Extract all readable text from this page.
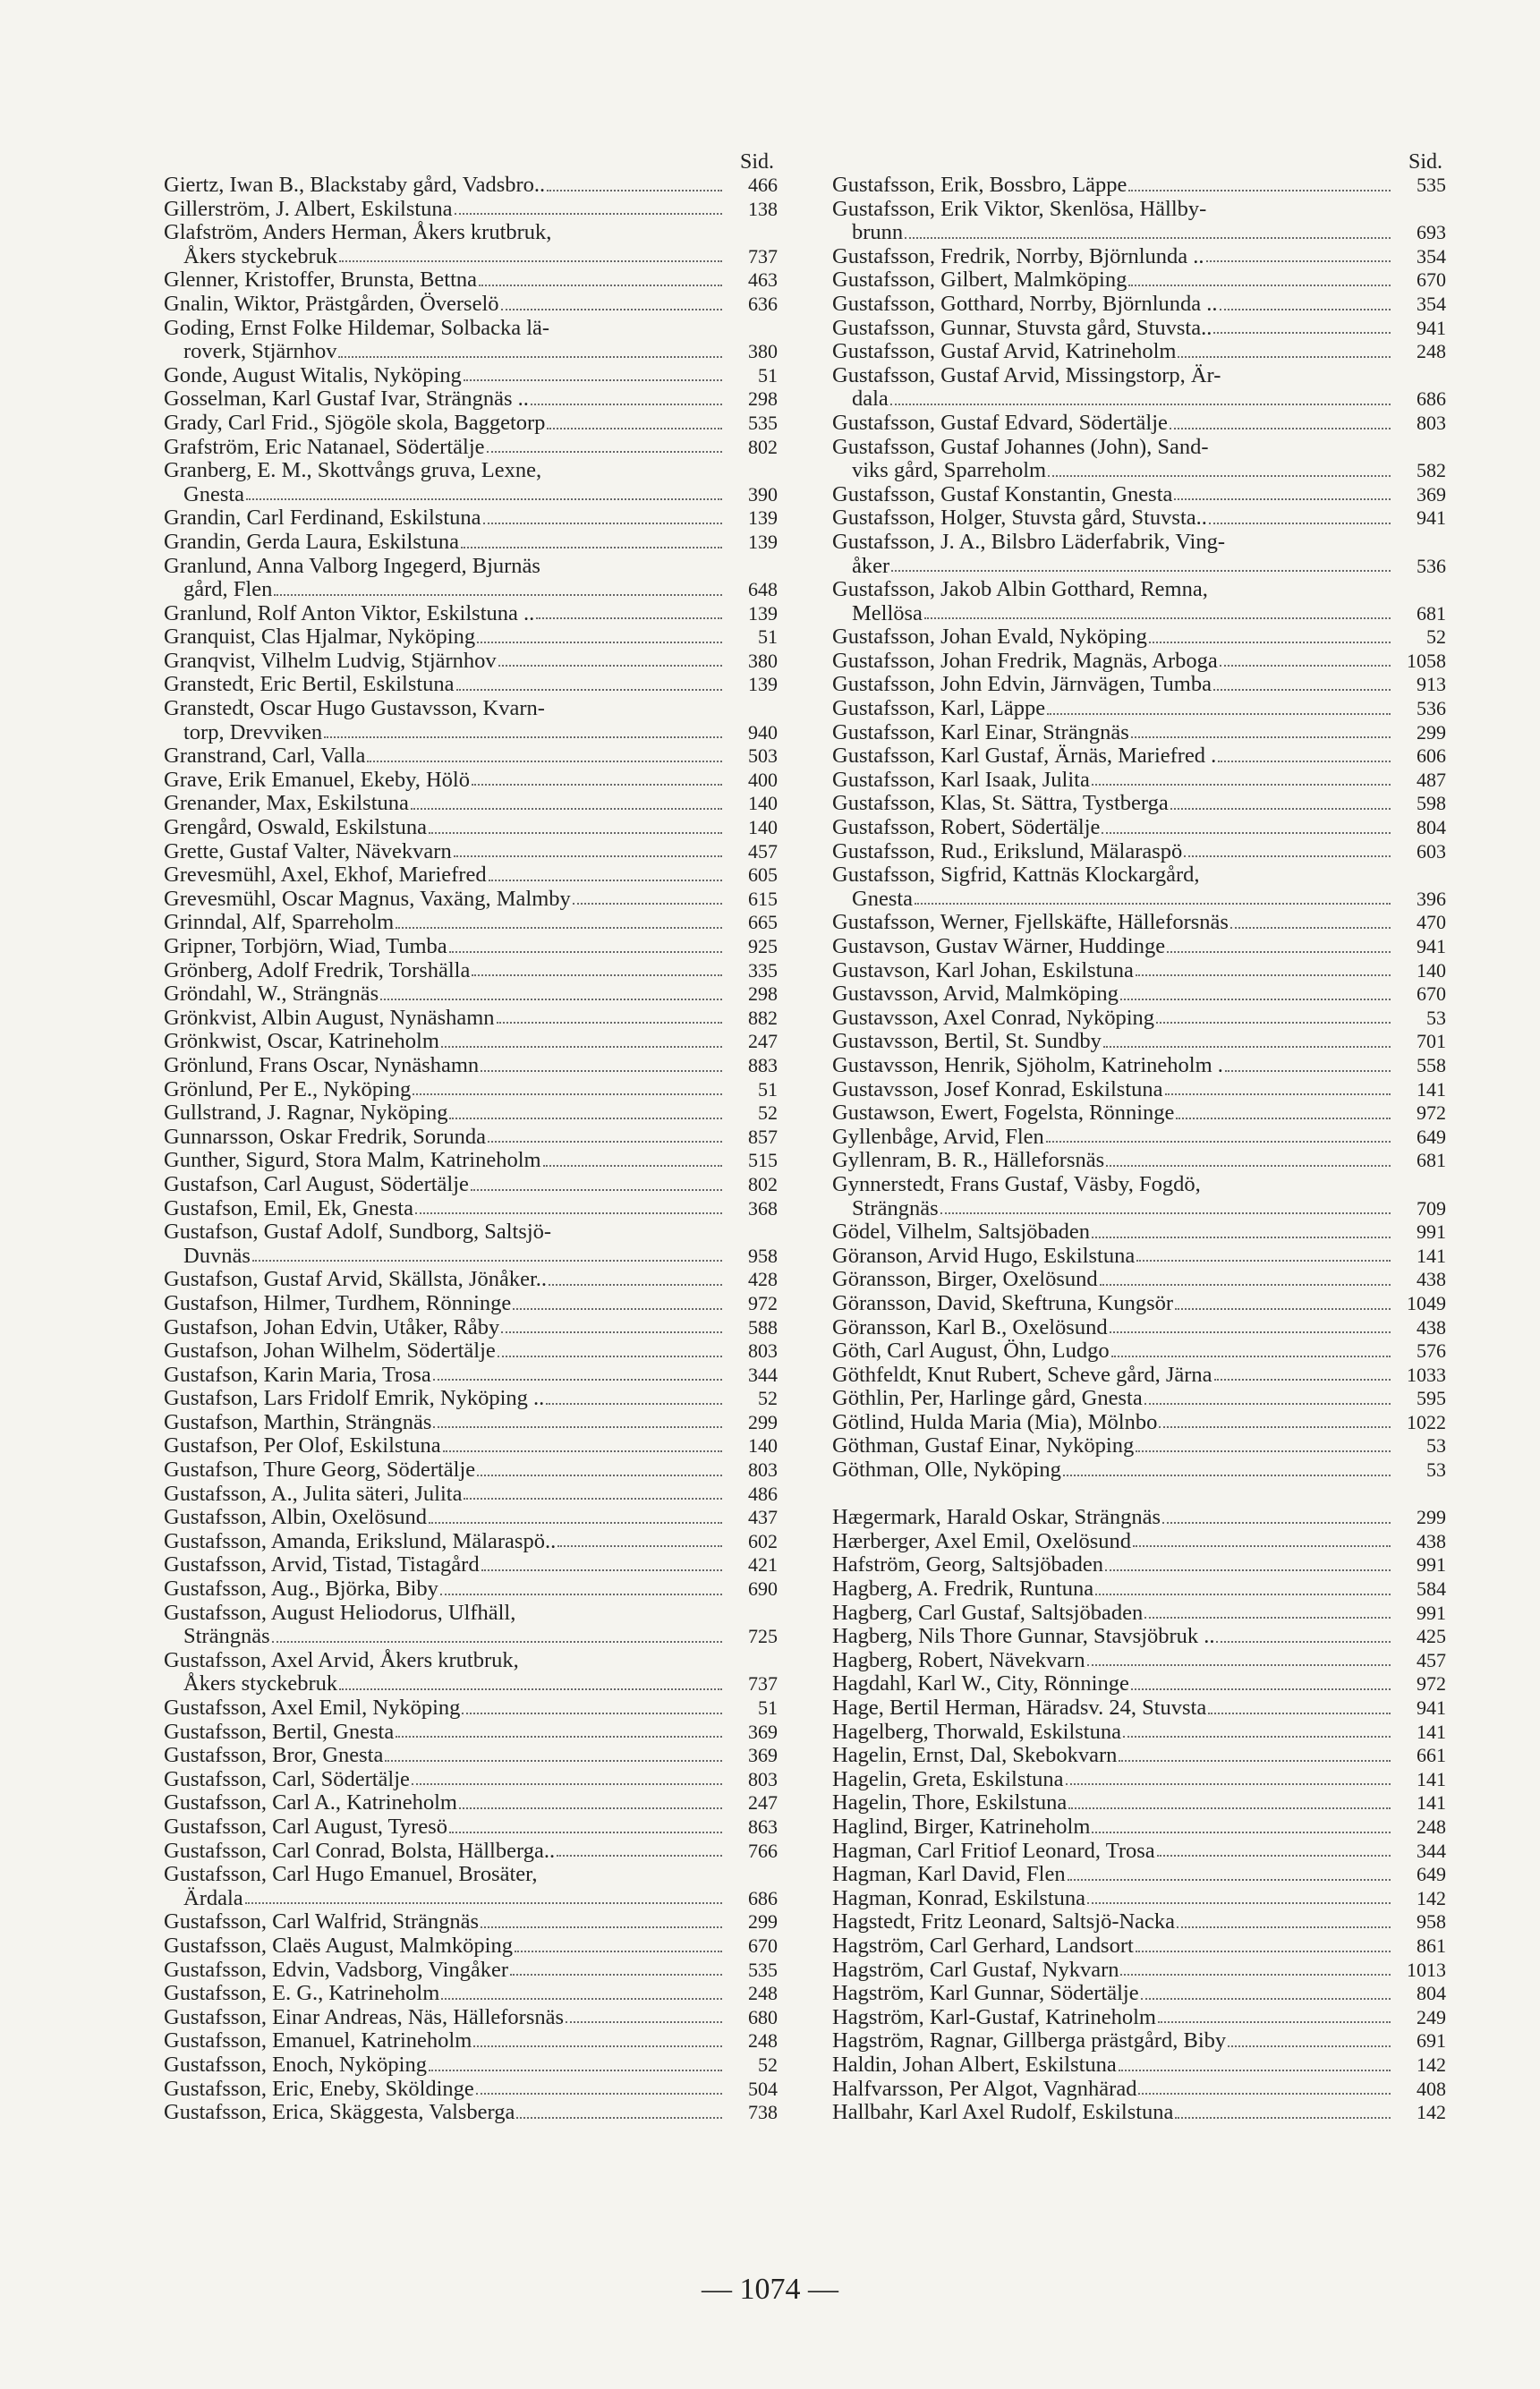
Sid.
Giertz, Iwan B., Blackstaby gård, Vadsbro..	466
Gillerström, J. Albert, Eskilstuna	138
Glafström, Anders Herman, Åkers krutbruk,
Åkers styckebruk	737
Glenner, Kristoffer, Brunsta, Bettna	463
Gnalin, Wiktor, Prästgården, Överselö	636
Goding, Ernst Folke Hildemar, Solbacka lä-
roverk, Stjärnhov	380
Gonde, August Witalis, Nyköping	51
Gosselman, Karl Gustaf Ivar, Strängnäs ..	298
Grady, Carl Frid., Sjögöle skola, Baggetorp	535
Grafström, Eric Natanael, Södertälje	802
Granberg, E. M., Skottvångs gruva, Lexne,
Gnesta	390
Grandin, Carl Ferdinand, Eskilstuna	139
Grandin, Gerda Laura, Eskilstuna	139
Granlund, Anna Valborg Ingegerd, Bjurnäs
gård, Flen	648
Granlund, Rolf Anton Viktor, Eskilstuna ..	139
Granquist, Clas Hjalmar, Nyköping	51
Granqvist, Vilhelm Ludvig, Stjärnhov	380
Granstedt, Eric Bertil, Eskilstuna	139
Granstedt, Oscar Hugo Gustavsson, Kvarn-
torp, Drevviken	940
Granstrand, Carl, Valla	503
Grave, Erik Emanuel, Ekeby, Hölö	400
Grenander, Max, Eskilstuna	140
Grengård, Oswald, Eskilstuna	140
Grette, Gustaf Valter, Nävekvarn	457
Grevesmühl, Axel, Ekhof, Mariefred	605
Grevesmühl, Oscar Magnus, Vaxäng, Malmby	615
Grinndal, Alf, Sparreholm	665
Gripner, Torbjörn, Wiad, Tumba	925
Grönberg, Adolf Fredrik, Torshälla	335
Gröndahl, W., Strängnäs	298
Grönkvist, Albin August, Nynäshamn	882
Grönkwist, Oscar, Katrineholm	247
Grönlund, Frans Oscar, Nynäshamn	883
Grönlund, Per E., Nyköping	51
Gullstrand, J. Ragnar, Nyköping	52
Gunnarsson, Oskar Fredrik, Sorunda	857
Gunther, Sigurd, Stora Malm, Katrineholm	515
Gustafson, Carl August, Södertälje	802
Gustafson, Emil, Ek, Gnesta	368
Gustafson, Gustaf Adolf, Sundborg, Saltsjö-
Duvnäs	958
Gustafson, Gustaf Arvid, Skällsta, Jönåker..	428
Gustafson, Hilmer, Turdhem, Rönninge	972
Gustafson, Johan Edvin, Utåker, Råby	588
Gustafson, Johan Wilhelm, Södertälje	803
Gustafson, Karin Maria, Trosa	344
Gustafson, Lars Fridolf Emrik, Nyköping ..	52
Gustafson, Marthin, Strängnäs	299
Gustafson, Per Olof, Eskilstuna	140
Gustafson, Thure Georg, Södertälje	803
Gustafsson, A., Julita säteri, Julita	486
Gustafsson, Albin, Oxelösund	437
Gustafsson, Amanda, Erikslund, Mälaraspö..	602
Gustafsson, Arvid, Tistad, Tistagård	421
Gustafsson, Aug., Björka, Biby	690
Gustafsson, August Heliodorus, Ulfhäll,
Strängnäs	725
Gustafsson, Axel Arvid, Åkers krutbruk,
Åkers styckebruk	737
Gustafsson, Axel Emil, Nyköping	51
Gustafsson, Bertil, Gnesta	369
Gustafsson, Bror, Gnesta	369
Gustafsson, Carl, Södertälje	803
Gustafsson, Carl A., Katrineholm	247
Gustafsson, Carl August, Tyresö	863
Gustafsson, Carl Conrad, Bolsta, Hällberga..	766
Gustafsson, Carl Hugo Emanuel, Brosäter,
Ärdala	686
Gustafsson, Carl Walfrid, Strängnäs	299
Gustafsson, Claës August, Malmköping	670
Gustafsson, Edvin, Vadsborg, Vingåker	535
Gustafsson, E. G., Katrineholm	248
Gustafsson, Einar Andreas, Näs, Hälleforsnäs	680
Gustafsson, Emanuel, Katrineholm	248
Gustafsson, Enoch, Nyköping	52
Gustafsson, Eric, Eneby, Sköldinge	504
Gustafsson, Erica, Skäggesta, Valsberga	738
Sid.
Gustafsson, Erik, Bossbro, Läppe	535
Gustafsson, Erik Viktor, Skenlösa, Hällby-
brunn	693
Gustafsson, Fredrik, Norrby, Björnlunda ..	354
Gustafsson, Gilbert, Malmköping	670
Gustafsson, Gotthard, Norrby, Björnlunda ..	354
Gustafsson, Gunnar, Stuvsta gård, Stuvsta..	941
Gustafsson, Gustaf Arvid, Katrineholm	248
Gustafsson, Gustaf Arvid, Missingstorp, Är-
dala	686
Gustafsson, Gustaf Edvard, Södertälje	803
Gustafsson, Gustaf Johannes (John), Sand-
viks gård, Sparreholm	582
Gustafsson, Gustaf Konstantin, Gnesta	369
Gustafsson, Holger, Stuvsta gård, Stuvsta..	941
Gustafsson, J. A., Bilsbro Läderfabrik, Ving-
åker	536
Gustafsson, Jakob Albin Gotthard, Remna,
Mellösa	681
Gustafsson, Johan Evald, Nyköping	52
Gustafsson, Johan Fredrik, Magnäs, Arboga	1058
Gustafsson, John Edvin, Järnvägen, Tumba	913
Gustafsson, Karl, Läppe	536
Gustafsson, Karl Einar, Strängnäs	299
Gustafsson, Karl Gustaf, Ärnäs, Mariefred .	606
Gustafsson, Karl Isaak, Julita	487
Gustafsson, Klas, St. Sättra, Tystberga	598
Gustafsson, Robert, Södertälje	804
Gustafsson, Rud., Erikslund, Mälaraspö	603
Gustafsson, Sigfrid, Kattnäs Klockargård,
Gnesta	396
Gustafsson, Werner, Fjellskäfte, Hälleforsnäs	470
Gustavson, Gustav Wärner, Huddinge	941
Gustavson, Karl Johan, Eskilstuna	140
Gustavsson, Arvid, Malmköping	670
Gustavsson, Axel Conrad, Nyköping	53
Gustavsson, Bertil, St. Sundby	701
Gustavsson, Henrik, Sjöholm, Katrineholm .	558
Gustavsson, Josef Konrad, Eskilstuna	141
Gustawson, Ewert, Fogelsta, Rönninge	972
Gyllenbåge, Arvid, Flen	649
Gyllenram, B. R., Hälleforsnäs	681
Gynnerstedt, Frans Gustaf, Väsby, Fogdö,
Strängnäs	709
Gödel, Vilhelm, Saltsjöbaden	991
Göranson, Arvid Hugo, Eskilstuna	141
Göransson, Birger, Oxelösund	438
Göransson, David, Skeftruna, Kungsör	1049
Göransson, Karl B., Oxelösund	438
Göth, Carl August, Öhn, Ludgo	576
Göthfeldt, Knut Rubert, Scheve gård, Järna	1033
Göthlin, Per, Harlinge gård, Gnesta	595
Götlind, Hulda Maria (Mia), Mölnbo	1022
Göthman, Gustaf Einar, Nyköping	53
Göthman, Olle, Nyköping	53
Hægermark, Harald Oskar, Strängnäs	299
Hærberger, Axel Emil, Oxelösund	438
Hafström, Georg, Saltsjöbaden	991
Hagberg, A. Fredrik, Runtuna	584
Hagberg, Carl Gustaf, Saltsjöbaden	991
Hagberg, Nils Thore Gunnar, Stavsjöbruk ..	425
Hagberg, Robert, Nävekvarn	457
Hagdahl, Karl W., City, Rönninge	972
Hage, Bertil Herman, Häradsv. 24, Stuvsta	941
Hagelberg, Thorwald, Eskilstuna	141
Hagelin, Ernst, Dal, Skebokvarn	661
Hagelin, Greta, Eskilstuna	141
Hagelin, Thore, Eskilstuna	141
Haglind, Birger, Katrineholm	248
Hagman, Carl Fritiof Leonard, Trosa	344
Hagman, Karl David, Flen	649
Hagman, Konrad, Eskilstuna	142
Hagstedt, Fritz Leonard, Saltsjö-Nacka	958
Hagström, Carl Gerhard, Landsort	861
Hagström, Carl Gustaf, Nykvarn	1013
Hagström, Karl Gunnar, Södertälje	804
Hagström, Karl-Gustaf, Katrineholm	249
Hagström, Ragnar, Gillberga prästgård, Biby	691
Haldin, Johan Albert, Eskilstuna	142
Halfvarsson, Per Algot, Vagnhärad	408
Hallbahr, Karl Axel Rudolf, Eskilstuna	142
— 1074 —
